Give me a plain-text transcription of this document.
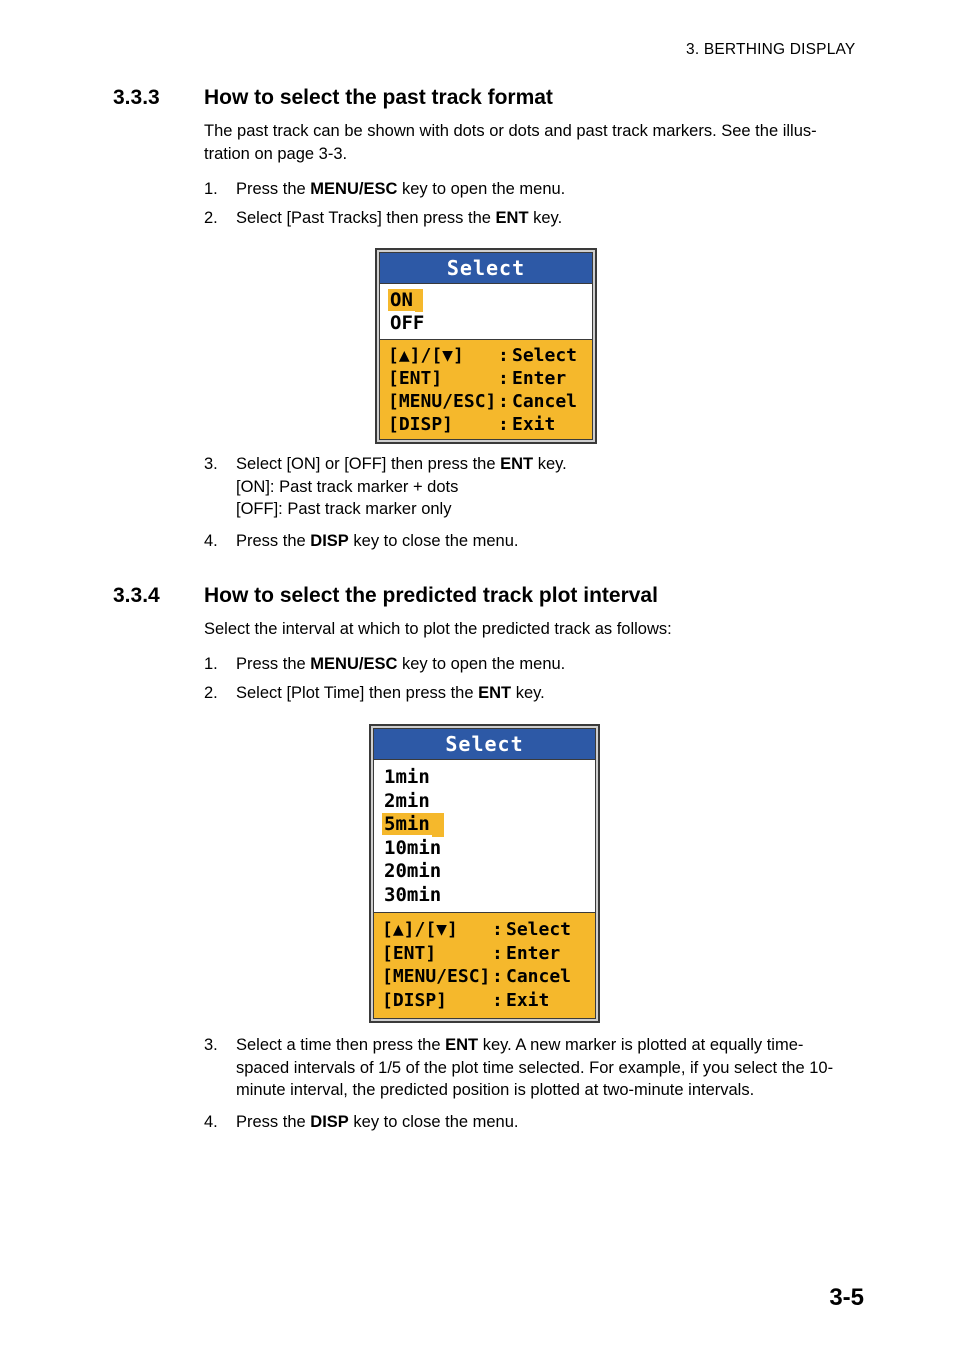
3. BERTHING DISPLAY
3.3.3 How to select the past track format
The past track can be shown with dots or dots and past track markers. See the illus-
tration on page 3-3.
1. Press the MENU/ESC key to open the menu.
2. Select [Past Tracks] then press the ENT key.
Select
ON
OFF
[▲]/[▼]	: Select
[ENT]	: Enter
[MENU/ESC] : Cancel
[DISP]	: Exit
3. Select [ON] or [OFF] then press the ENT key.
[ON]: Past track marker + dots
[OFF]: Past track marker only
4. Press the DISP key to close the menu.
3.3.4 How to select the predicted track plot interval
Select the interval at which to plot the predicted track as follows:
1. Press the MENU/ESC key to open the menu.
2. Select [Plot Time] then press the ENT key.
Select
1min
2min
5min
10min
20min
30min
[▲]/[▼]	: Select
[ENT]	: Enter
[MENU/ESC] : Cancel
[DISP]	: Exit
3. Select a time then press the ENT key. A new marker is plotted at equally time-
spaced intervals of 1/5 of the plot time selected. For example, if you select the 10-
minute interval, the predicted position is plotted at two-minute intervals.
4. Press the DISP key to close the menu.
3-5
